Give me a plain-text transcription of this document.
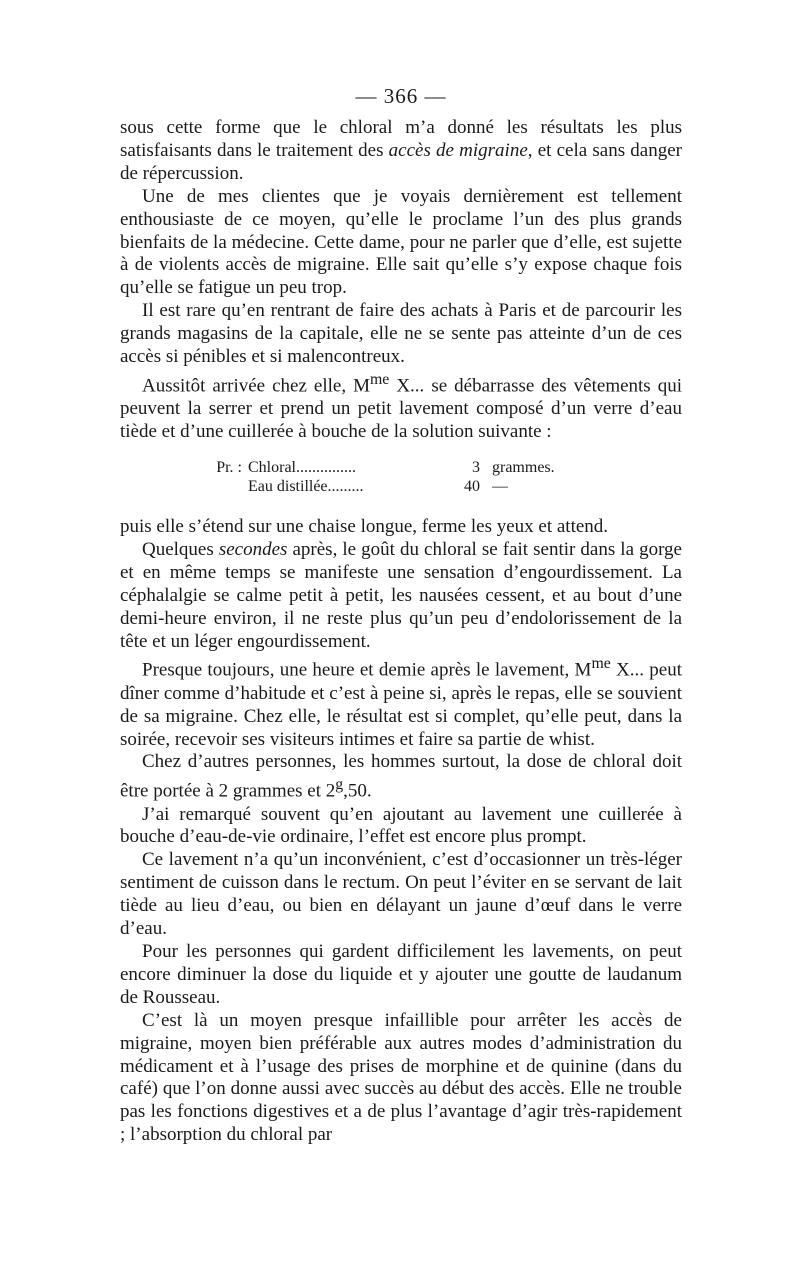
— 366 —

sous cette forme que le chloral m’a donné les résultats les plus satisfaisants dans le traitement des accès de migraine, et cela sans danger de répercussion.

Une de mes clientes que je voyais dernièrement est tellement enthousiaste de ce moyen, qu’elle le proclame l’un des plus grands bienfaits de la médecine. Cette dame, pour ne parler que d’elle, est sujette à de violents accès de migraine. Elle sait qu’elle s’y expose chaque fois qu’elle se fatigue un peu trop.

Il est rare qu’en rentrant de faire des achats à Paris et de parcourir les grands magasins de la capitale, elle ne se sente pas atteinte d’un de ces accès si pénibles et si malencontreux.

Aussitôt arrivée chez elle, $M^{me}$ X... se débarrasse des vêtements qui peuvent la serrer et prend un petit lavement composé d’un verre d’eau tiède et d’une cuillerée à bouche de la solution suivante :

Pr. : Chloral...............	3 grammes.
Eau distillée.........	40 —

puis elle s’étend sur une chaise longue, ferme les yeux et attend.

Quelques secondes après, le goût du chloral se fait sentir dans la gorge et en même temps se manifeste une sensation d’engourdissement. La céphalalgie se calme petit à petit, les nausées cessent, et au bout d’une demi-heure environ, il ne reste plus qu’un peu d’endolorissement de la tête et un léger engourdissement.

Presque toujours, une heure et demie après le lavement, $M^{me}$ X... peut dîner comme d’habitude et c’est à peine si, après le repas, elle se souvient de sa migraine. Chez elle, le résultat est si complet, qu’elle peut, dans la soirée, recevoir ses visiteurs intimes et faire sa partie de whist.

Chez d’autres personnes, les hommes surtout, la dose de chloral doit être portée à 2 grammes et 2$^g$,50.

J’ai remarqué souvent qu’en ajoutant au lavement une cuillerée à bouche d’eau-de-vie ordinaire, l’effet est encore plus prompt.

Ce lavement n’a qu’un inconvénient, c’est d’occasionner un très-léger sentiment de cuisson dans le rectum. On peut l’éviter en se servant de lait tiède au lieu d’eau, ou bien en délayant un jaune d’œuf dans le verre d’eau.

Pour les personnes qui gardent difficilement les lavements, on peut encore diminuer la dose du liquide et y ajouter une goutte de laudanum de Rousseau.

C’est là un moyen presque infaillible pour arrêter les accès de migraine, moyen bien préférable aux autres modes d’administration du médicament et à l’usage des prises de morphine et de quinine (dans du café) que l’on donne aussi avec succès au début des accès. Elle ne trouble pas les fonctions digestives et a de plus l’avantage d’agir très-rapidement ; l’absorption du chloral par
